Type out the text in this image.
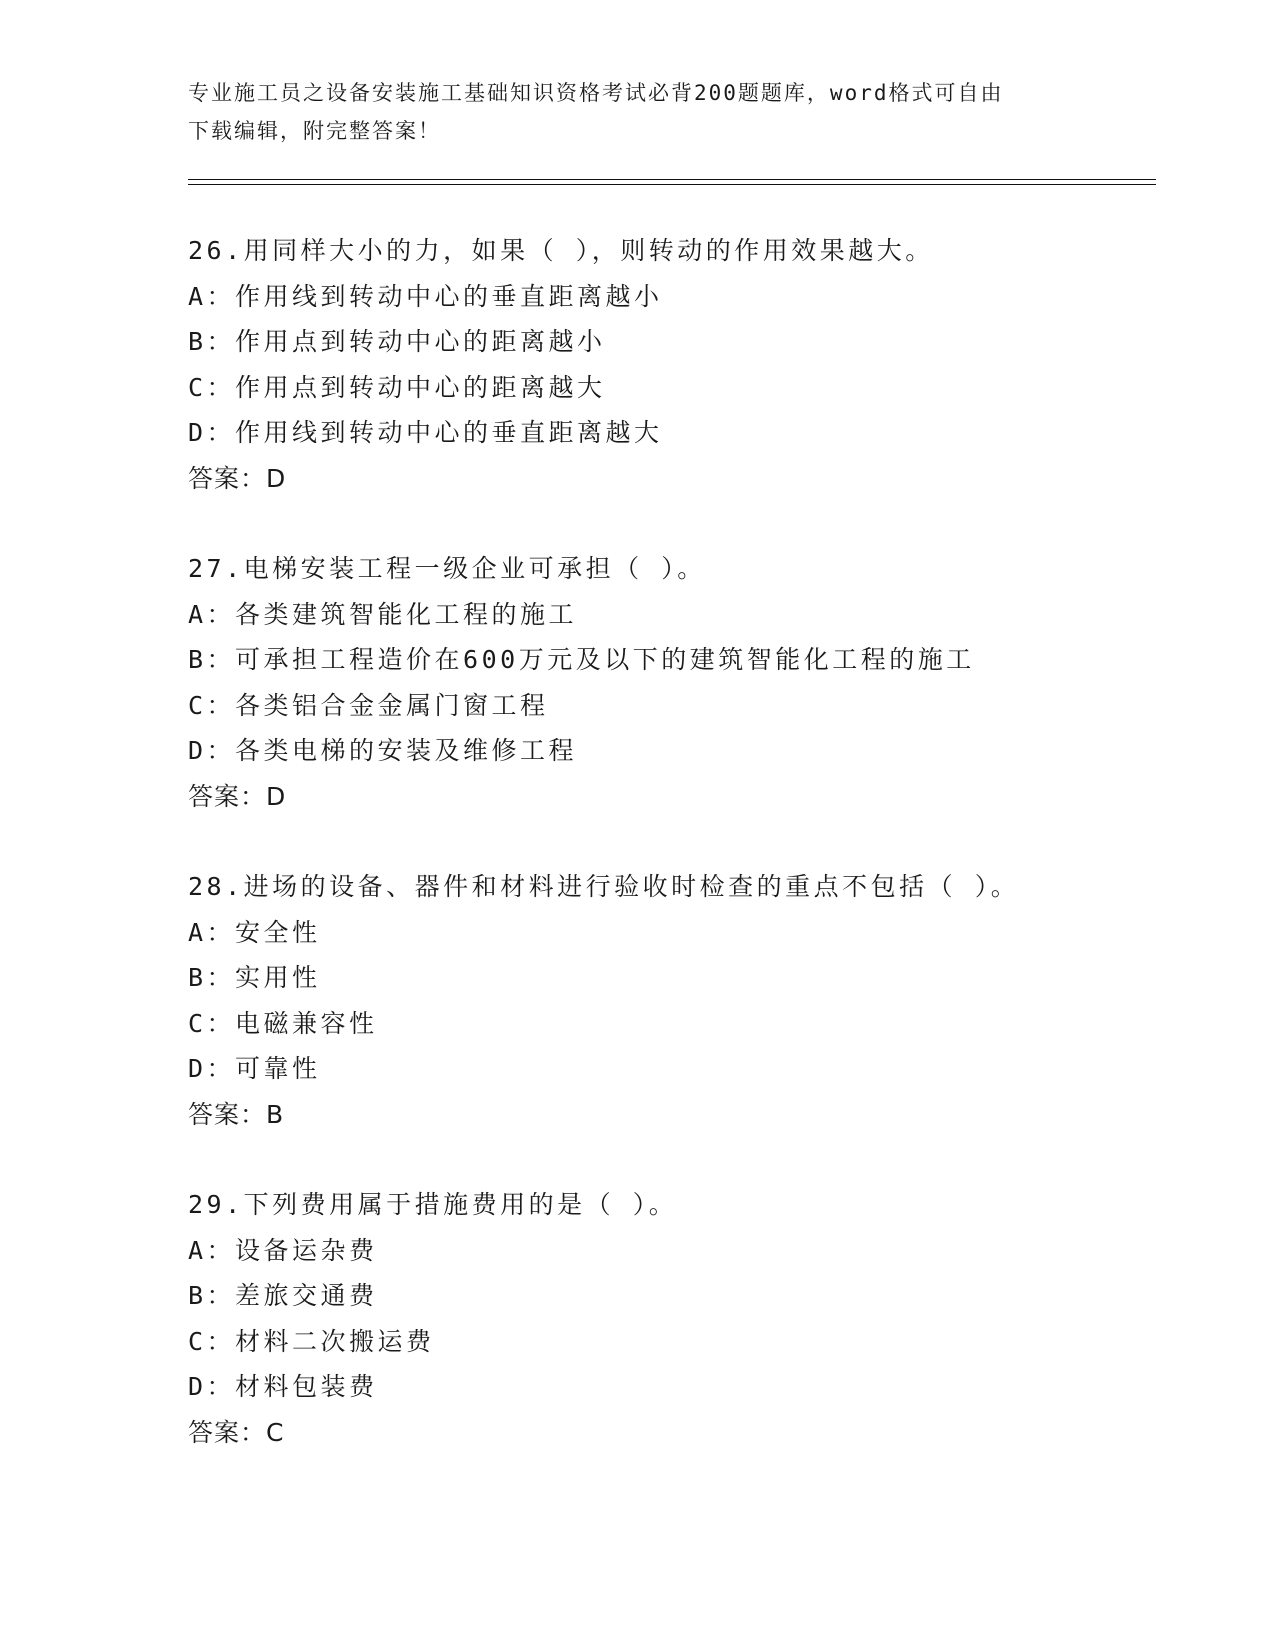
专业施工员之设备安装施工基础知识资格考试必背200题题库，word格式可自由
下载编辑，附完整答案！
26.用同样大小的力，如果（ ），则转动的作用效果越大。
A：作用线到转动中心的垂直距离越小
B：作用点到转动中心的距离越小
C：作用点到转动中心的距离越大
D：作用线到转动中心的垂直距离越大
答案：D
27.电梯安装工程一级企业可承担（ ）。
A：各类建筑智能化工程的施工
B：可承担工程造价在600万元及以下的建筑智能化工程的施工
C：各类铝合金金属门窗工程
D：各类电梯的安装及维修工程
答案：D
28.进场的设备、器件和材料进行验收时检查的重点不包括（ ）。
A：安全性
B：实用性
C：电磁兼容性
D：可靠性
答案：B
29.下列费用属于措施费用的是（ ）。
A：设备运杂费
B：差旅交通费
C：材料二次搬运费
D：材料包装费
答案：C
